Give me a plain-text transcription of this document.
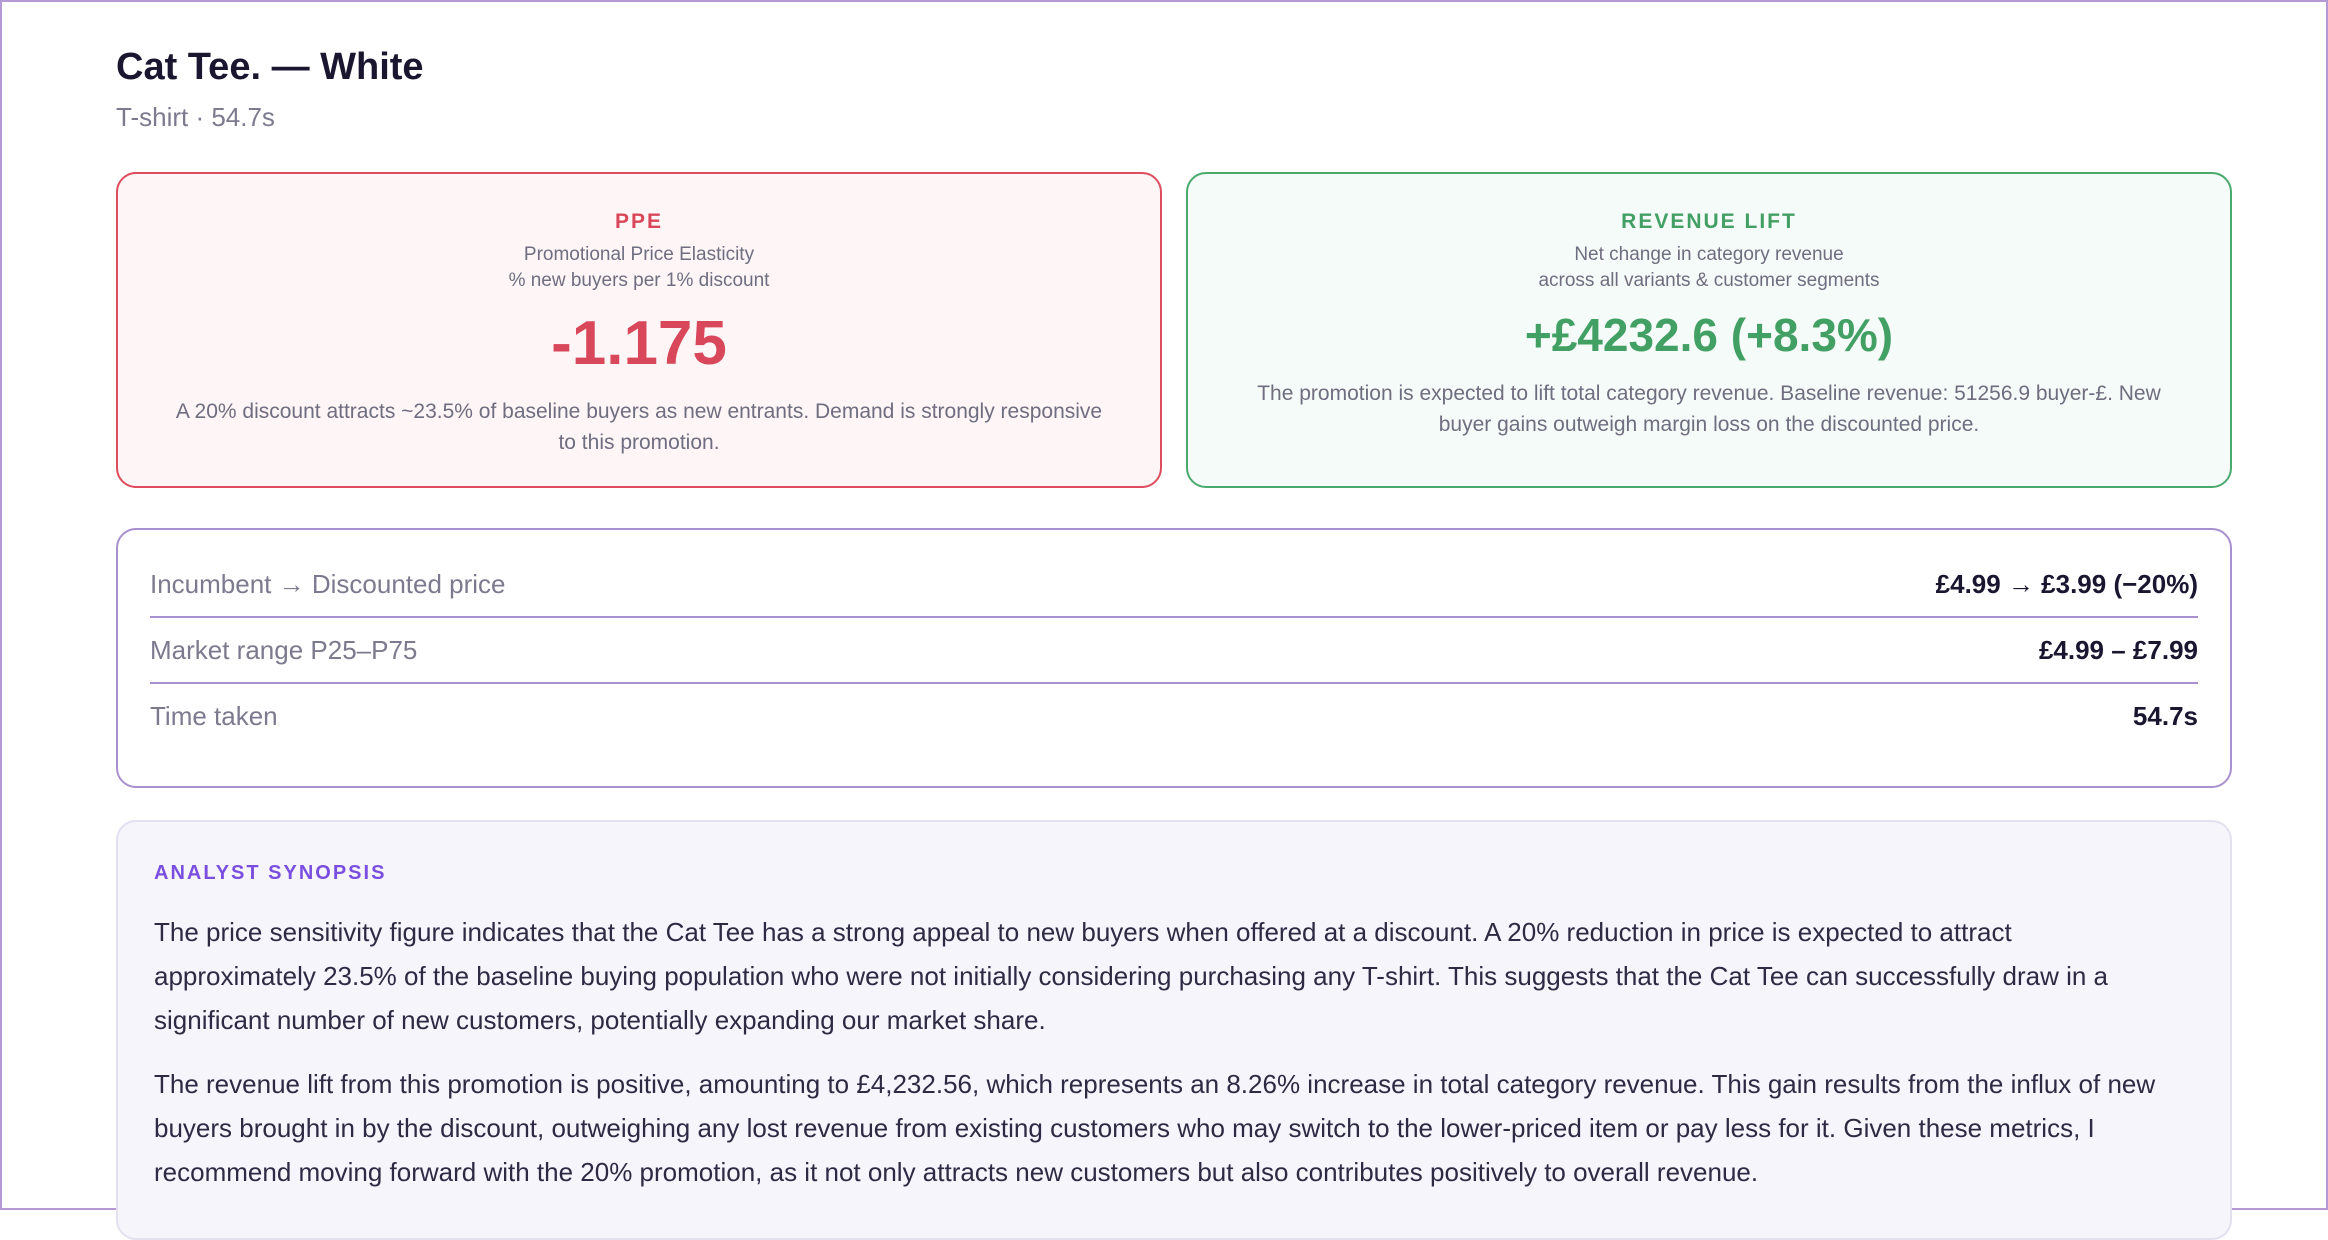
Cat Tee. — White
T-shirt · 54.7s
PPE
Promotional Price Elasticity
% new buyers per 1% discount
-1.175
A 20% discount attracts ~23.5% of baseline buyers as new entrants. Demand is strongly responsive to this promotion.
REVENUE LIFT
Net change in category revenue
across all variants & customer segments
+£4232.6 (+8.3%)
The promotion is expected to lift total category revenue. Baseline revenue: 51256.9 buyer-£. New buyer gains outweigh margin loss on the discounted price.
Incumbent → Discounted price	£4.99 → £3.99 (−20%)
Market range P25–P75	£4.99 – £7.99
Time taken	54.7s
ANALYST SYNOPSIS
The price sensitivity figure indicates that the Cat Tee has a strong appeal to new buyers when offered at a discount. A 20% reduction in price is expected to attract approximately 23.5% of the baseline buying population who were not initially considering purchasing any T-shirt. This suggests that the Cat Tee can successfully draw in a significant number of new customers, potentially expanding our market share.
The revenue lift from this promotion is positive, amounting to £4,232.56, which represents an 8.26% increase in total category revenue. This gain results from the influx of new buyers brought in by the discount, outweighing any lost revenue from existing customers who may switch to the lower-priced item or pay less for it. Given these metrics, I recommend moving forward with the 20% promotion, as it not only attracts new customers but also contributes positively to overall revenue.
